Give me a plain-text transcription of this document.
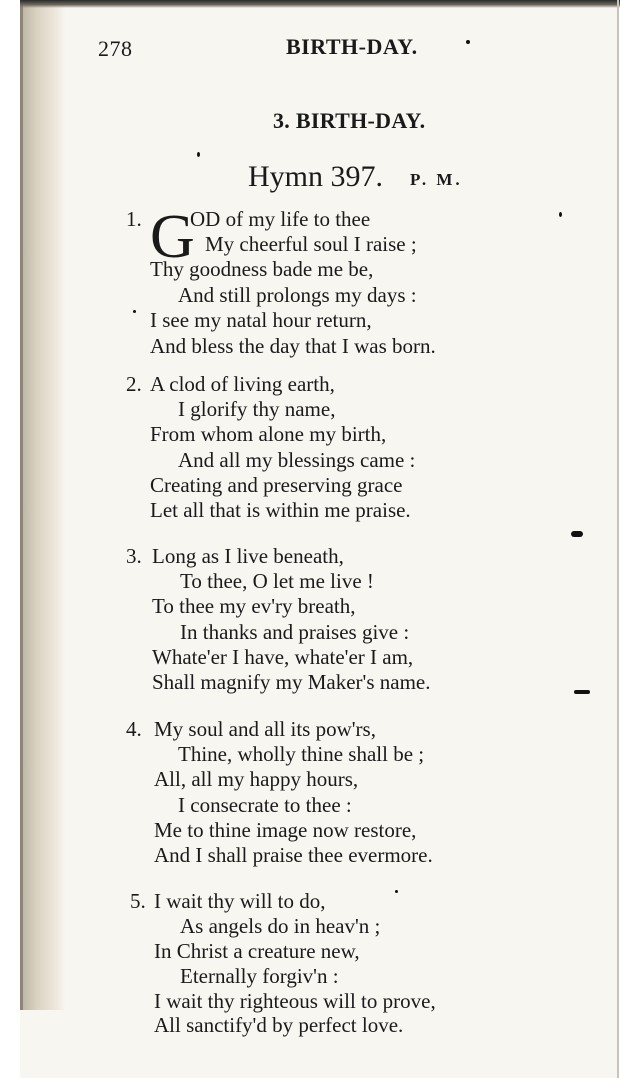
278	BIRTH-DAY.
3. BIRTH-DAY.
Hymn 397. P. M.
1. G
OD of my life to thee
My cheerful soul I raise ;
Thy goodness bade me be,
And still prolongs my days :
I see my natal hour return,
And bless the day that I was born.
2. A clod of living earth,
I glorify thy name,
From whom alone my birth,
And all my blessings came :
Creating and preserving grace
Let all that is within me praise.
3. Long as I live beneath,
To thee, O let me live !
To thee my ev'ry breath,
In thanks and praises give :
Whate'er I have, whate'er I am,
Shall magnify my Maker's name.
4. My soul and all its pow'rs,
Thine, wholly thine shall be ;
All, all my happy hours,
I consecrate to thee :
Me to thine image now restore,
And I shall praise thee evermore.
5. I wait thy will to do,
As angels do in heav'n ;
In Christ a creature new,
Eternally forgiv'n :
I wait thy righteous will to prove,
All sanctify'd by perfect love.
